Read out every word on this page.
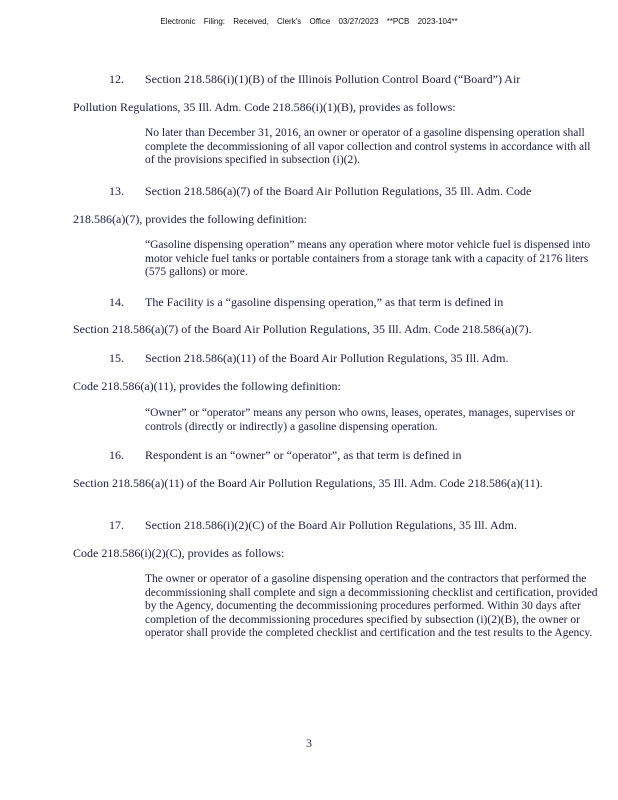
Electronic Filing: Received, Clerk's Office 03/27/2023 **PCB 2023-104**
12. Section 218.586(i)(1)(B) of the Illinois Pollution Control Board (“Board”) Air
Pollution Regulations, 35 Ill. Adm. Code 218.586(i)(1)(B), provides as follows:
No later than December 31, 2016, an owner or operator of a gasoline dispensing operation shall complete the decommissioning of all vapor collection and control systems in accordance with all of the provisions specified in subsection (i)(2).
13. Section 218.586(a)(7) of the Board Air Pollution Regulations, 35 Ill. Adm. Code
218.586(a)(7), provides the following definition:
“Gasoline dispensing operation” means any operation where motor vehicle fuel is dispensed into motor vehicle fuel tanks or portable containers from a storage tank with a capacity of 2176 liters (575 gallons) or more.
14. The Facility is a “gasoline dispensing operation,” as that term is defined in
Section 218.586(a)(7) of the Board Air Pollution Regulations, 35 Ill. Adm. Code 218.586(a)(7).
15. Section 218.586(a)(11) of the Board Air Pollution Regulations, 35 Ill. Adm.
Code 218.586(a)(11), provides the following definition:
“Owner” or “operator” means any person who owns, leases, operates, manages, supervises or controls (directly or indirectly) a gasoline dispensing operation.
16. Respondent is an “owner” or “operator”, as that term is defined in
Section 218.586(a)(11) of the Board Air Pollution Regulations, 35 Ill. Adm. Code 218.586(a)(11).
17. Section 218.586(i)(2)(C) of the Board Air Pollution Regulations, 35 Ill. Adm.
Code 218.586(i)(2)(C), provides as follows:
The owner or operator of a gasoline dispensing operation and the contractors that performed the decommissioning shall complete and sign a decommissioning checklist and certification, provided by the Agency, documenting the decommissioning procedures performed. Within 30 days after completion of the decommissioning procedures specified by subsection (i)(2)(B), the owner or operator shall provide the completed checklist and certification and the test results to the Agency.
3
